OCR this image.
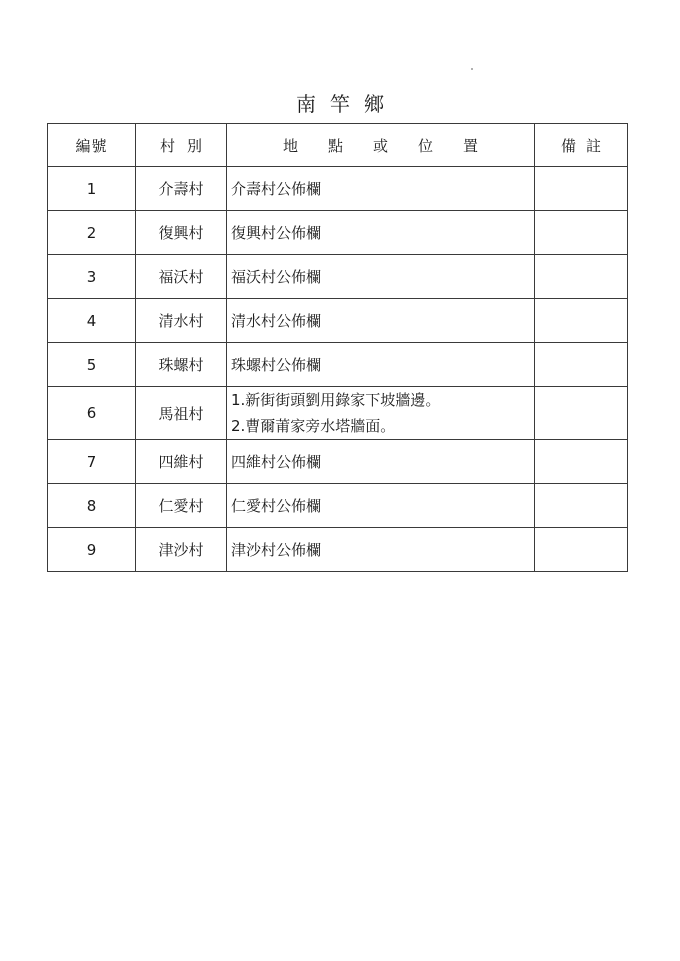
南竿鄉
編號	村別	地點或位置	備註
1	介壽村	介壽村公佈欄	

2	復興村	復興村公佈欄	

3	福沃村	福沃村公佈欄	

4	清水村	清水村公佈欄	

5	珠螺村	珠螺村公佈欄	

6	馬祖村	1.新街街頭劉用錄家下坡牆邊。
2.曹爾莆家旁水塔牆面。	

7	四維村	四維村公佈欄	

8	仁愛村	仁愛村公佈欄	

9	津沙村	津沙村公佈欄	
